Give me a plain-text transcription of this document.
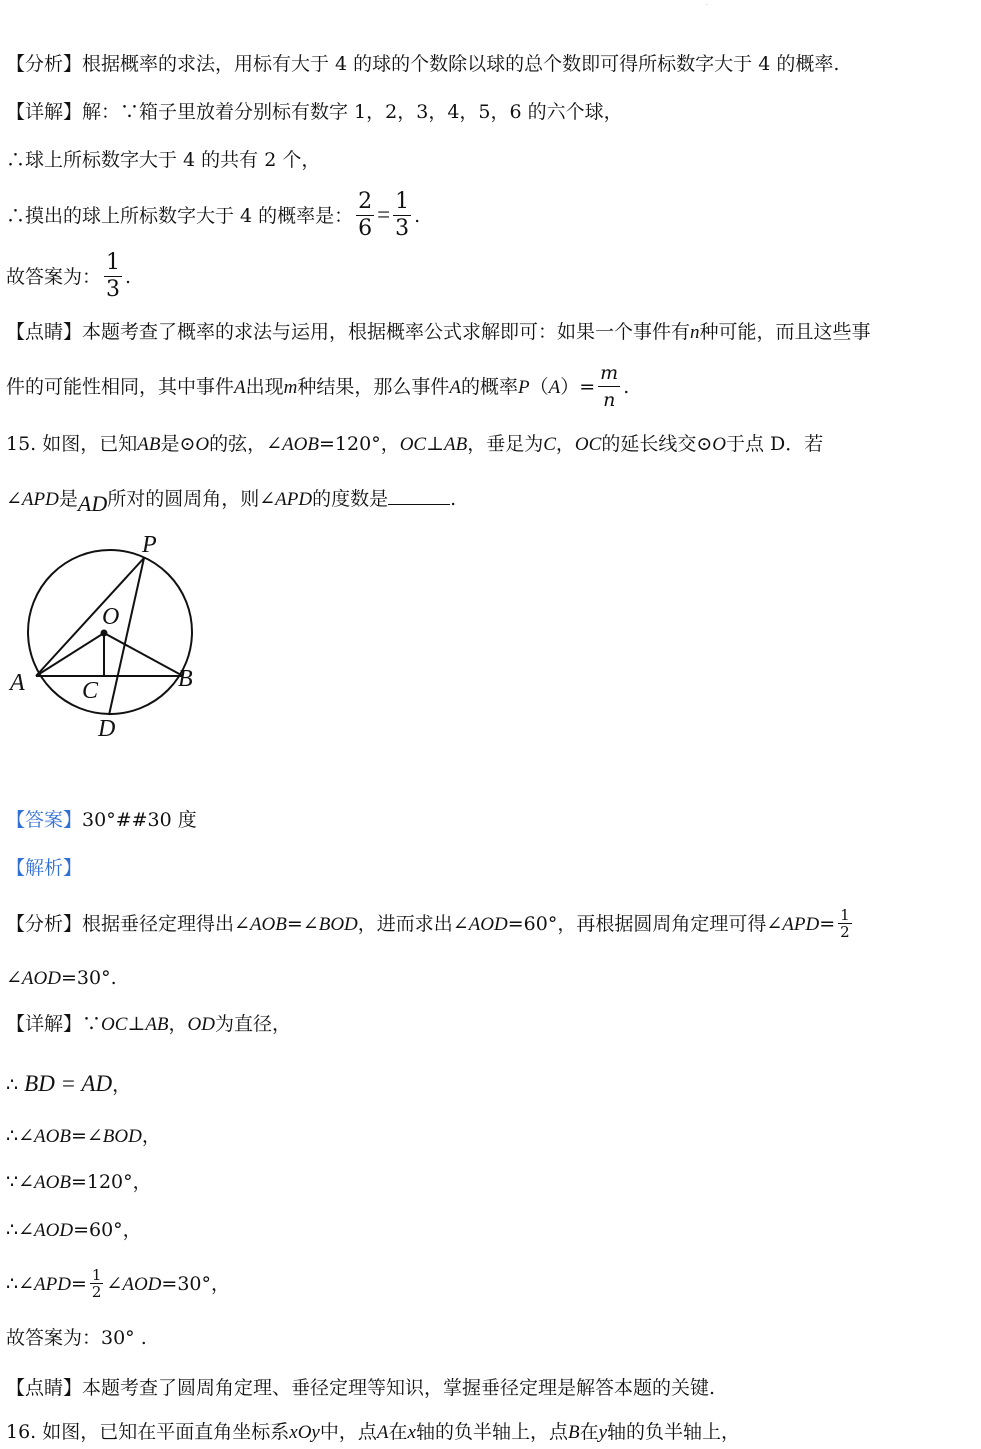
·
【分析】根据概率的求法，用标有大于 4 的球的个数除以球的总个数即可得所标数字大于 4 的概率.
【详解】解：∵箱子里放着分别标有数字 1，2，3，4，5，6 的六个球，
∴球上所标数字大于 4 的共有 2 个，
∴摸出的球上所标数字大于 4 的概率是： $\frac{2}{6} = \frac{1}{3}$ .
故答案为： $\frac{1}{3}$ .
【点睛】本题考查了概率的求法与运用，根据概率公式求解即可：如果一个事件有n种可能，而且这些事
件的可能性相同，其中事件A出现m种结果，那么事件A的概率$P(A)= \frac{m}{n}$ .
15. 如图，已知AB是⊙O的弦，∠AOB=120°，OC⊥AB，垂足为C，OC的延长线交⊙O于点 D．若
∠APD是AD所对的圆周角，则∠APD的度数是	.
P
O
A	B
C
D
【答案】30°##30 度
【解析】
【分析】根据垂径定理得出∠AOB=∠BOD，进而求出∠AOD=60°，再根据圆周角定理可得∠APD= $\frac{1}{2}$
∠AOD=30°.
【详解】∵OC⊥AB，OD为直径，
∴ BD = AD，
∴∠AOB=∠BOD，
∵∠AOB=120°，
∴∠AOD=60°，
∴∠APD= $\frac{1}{2}$ ∠AOD=30°，
故答案为：30° .
【点睛】本题考查了圆周角定理、垂径定理等知识，掌握垂径定理是解答本题的关键.
16. 如图，已知在平面直角坐标系xOy中，点A在x轴的负半轴上，点B在y轴的负半轴上，
